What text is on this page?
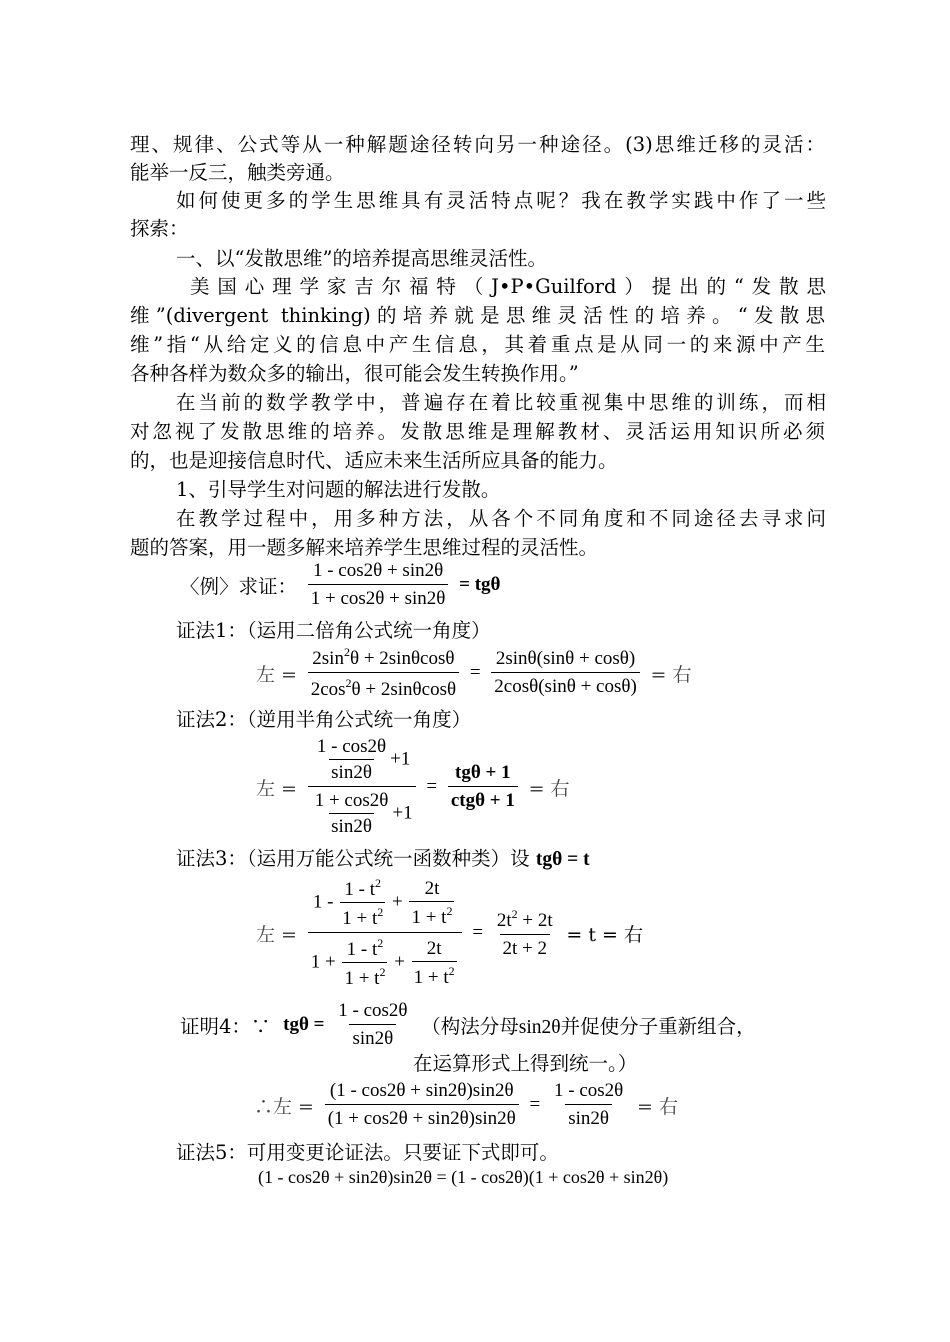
理、规律、公式等从一种解题途径转向另一种途径。(3)思维迁移的灵活：
能举一反三，触类旁通。
如何使更多的学生思维具有灵活特点呢？我在教学实践中作了一些
探索：
一、以“发散思维”的培养提高思维灵活性。
美国心理学家吉尔福特（J•P•Guilford）提出的“发散思
维”(divergent thinking)的培养就是思维灵活性的培养。“发散思
维”指“从给定义的信息中产生信息，其着重点是从同一的来源中产生
各种各样为数众多的输出，很可能会发生转换作用。”
在当前的数学教学中，普遍存在着比较重视集中思维的训练，而相
对忽视了发散思维的培养。发散思维是理解教材、灵活运用知识所必须
的，也是迎接信息时代、适应未来生活所应具备的能力。
1、引导学生对问题的解法进行发散。
在教学过程中，用多种方法，从各个不同角度和不同途径去寻求问
题的答案，用一题多解来培养学生思维过程的灵活性。
〈例〉求证： $\frac{1 - \cos 2\theta + \sin 2\theta}{1 + \cos 2\theta + \sin 2\theta} = tg\theta$
证法1：（运用二倍角公式统一角度）
左 = $\frac{2\sin^2\theta + 2\sin\theta\cos\theta}{2\cos^2\theta + 2\sin\theta\cos\theta} = \frac{2\sin\theta(\sin\theta + \cos\theta)}{2\cos\theta(\sin\theta + \cos\theta)}$ = 右
证法2：（逆用半角公式统一角度）
左 = $\frac{\frac{1 - \cos 2\theta}{\sin 2\theta} +1}{\frac{1 + \cos 2\theta}{\sin 2\theta} +1} = \frac{\text{tgθ + 1}}{\text{ctgθ + 1}}$ = 右
证法3：（运用万能公式统一函数种类）设 tgθ = t
左 = $\frac{1 - \frac{1 - t^2}{1 + t^2} + \frac{2t}{1 + t^2}}{1 + \frac{1 - t^2}{1 + t^2} + \frac{2t}{1 + t^2}} = \frac{2t^2 + 2t}{2t + 2} = t$ = 右
证明4：∵ $tg\theta = \frac{1 - \cos 2\theta}{\sin 2\theta}$ （构法分母sin2θ并促使分子重新组合，
在运算形式上得到统一。）
∴左 = $\frac{(1 - \cos 2\theta + \sin 2\theta)\sin 2\theta}{(1 + \cos 2\theta + \sin 2\theta)\sin 2\theta} = \frac{1 - \cos 2\theta}{\sin 2\theta}$ = 右
证法5：可用变更论证法。只要证下式即可。
(1 - cos2θ + sin2θ)sin2θ = (1 - cos2θ)(1 + cos2θ + sin2θ)
